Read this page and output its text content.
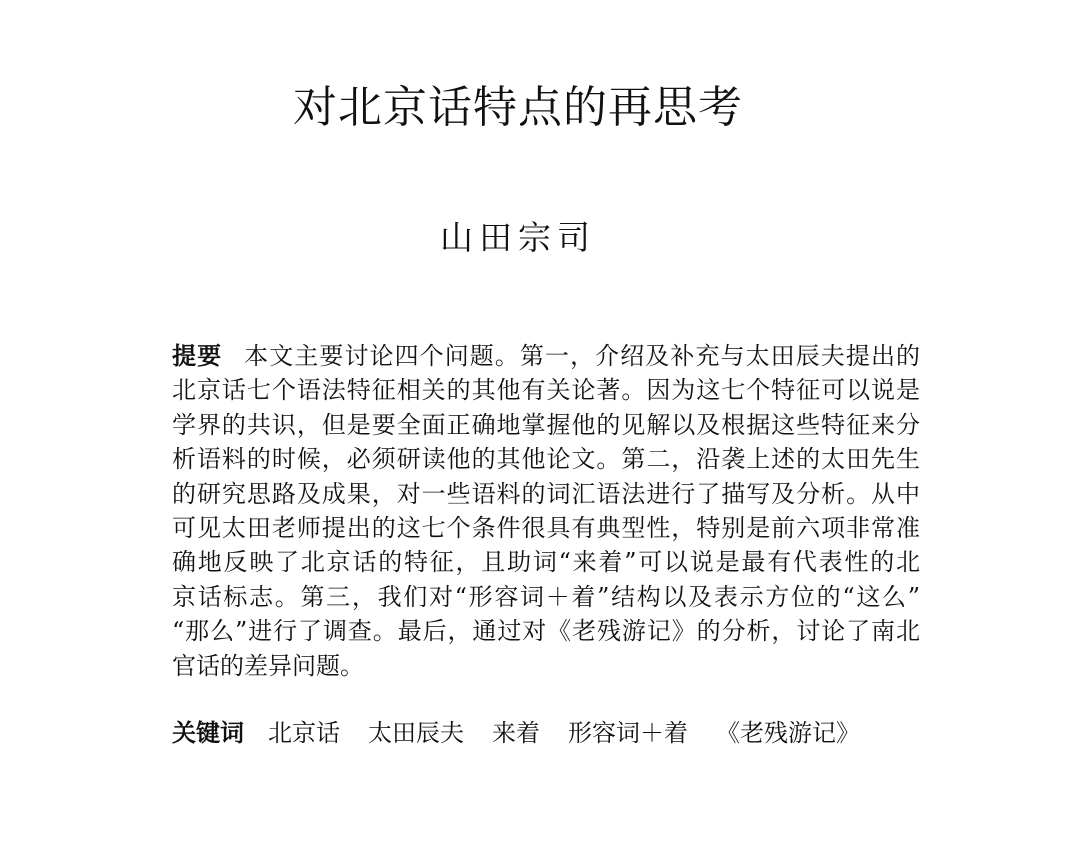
对北京话特点的再思考
山田宗司
提要 本文主要讨论四个问题。第一，介绍及补充与太田辰夫提出的
北京话七个语法特征相关的其他有关论著。因为这七个特征可以说是
学界的共识，但是要全面正确地掌握他的见解以及根据这些特征来分
析语料的时候，必须研读他的其他论文。第二，沿袭上述的太田先生
的研究思路及成果，对一些语料的词汇语法进行了描写及分析。从中
可见太田老师提出的这七个条件很具有典型性，特别是前六项非常准
确地反映了北京话的特征，且助词“来着”可以说是最有代表性的北
京话标志。第三，我们对“形容词＋着”结构以及表示方位的“这么”
“那么”进行了调查。最后，通过对《老残游记》的分析，讨论了南北
官话的差异问题。
关键词 北京话 太田辰夫 来着 形容词＋着 《老残游记》
